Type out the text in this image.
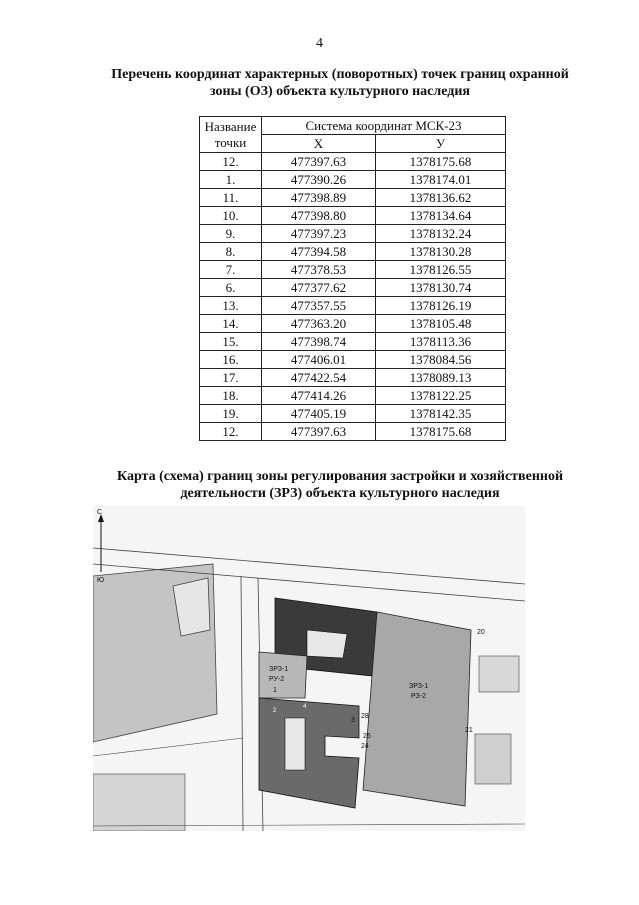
4
Перечень координат характерных (поворотных) точек границ охранной
зоны (ОЗ) объекта культурного наследия
Название
точки	Система координат МСК-23	
	Х	У
12.	477397.63	1378175.68
1.	477390.26	1378174.01
11.	477398.89	1378136.62
10.	477398.80	1378134.64
9.	477397.23	1378132.24
8.	477394.58	1378130.28
7.	477378.53	1378126.55
6.	477377.62	1378130.74
13.	477357.55	1378126.19
14.	477363.20	1378105.48
15.	477398.74	1378113.36
16.	477406.01	1378084.56
17.	477422.54	1378089.13
18.	477414.26	1378122.25
19.	477405.19	1378142.35
12.	477397.63	1378175.68
Карта (схема) границ зоны регулирования застройки и хозяйственной
деятельности (ЗРЗ) объекта культурного наследия
С
Ю
ЗРЗ-1
РУ-2
ЗРЗ-1
РЗ-2
1
2
3
4
20
21
24
25
28
